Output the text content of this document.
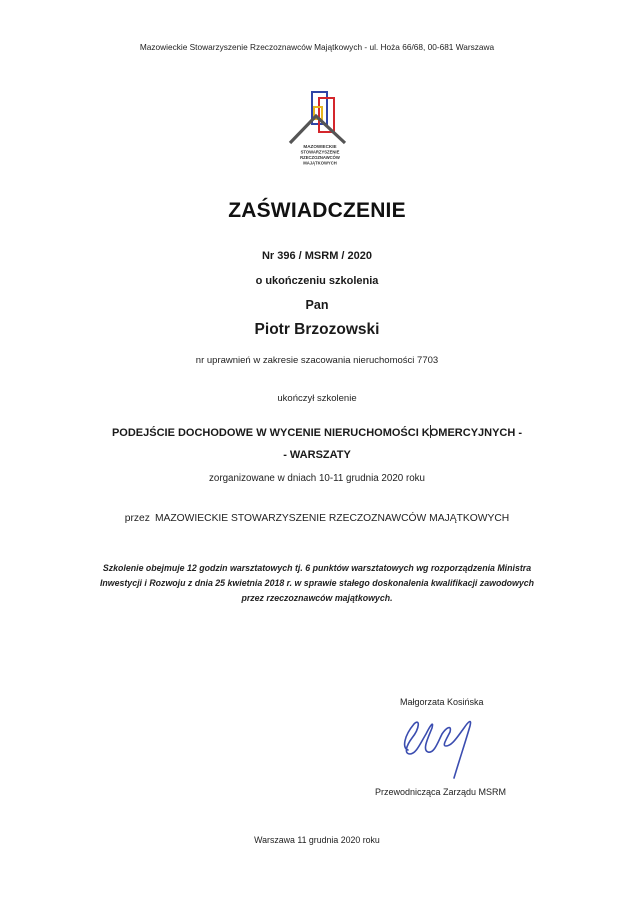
Mazowieckie Stowarzyszenie Rzeczoznawców Majątkowych - ul. Hoża 66/68, 00-681 Warszawa
MAZOWIECKIE
STOWARZYSZENIE
RZECZOZNAWCÓW
MAJĄTKOWYCH
ZAŚWIADCZENIE
Nr 396 / MSRM / 2020
o ukończeniu szkolenia
Pan
Piotr Brzozowski
nr uprawnień w zakresie szacowania nieruchomości 7703
ukończył szkolenie
PODEJŚCIE DOCHODOWE W WYCENIE NIERUCHOMOŚCI KOMERCYJNYCH -
- WARSZATY
zorganizowane w dniach 10-11 grudnia 2020 roku
przez MAZOWIECKIE STOWARZYSZENIE RZECZOZNAWCÓW MAJĄTKOWYCH
Szkolenie obejmuje 12 godzin warsztatowych tj. 6 punktów warsztatowych wg rozporządzenia Ministra
Inwestycji i Rozwoju z dnia 25 kwietnia 2018 r. w sprawie stałego doskonalenia kwalifikacji zawodowych
przez rzeczoznawców majątkowych.
Małgorzata Kosińska
Przewodnicząca Zarządu MSRM
Warszawa 11 grudnia 2020 roku
